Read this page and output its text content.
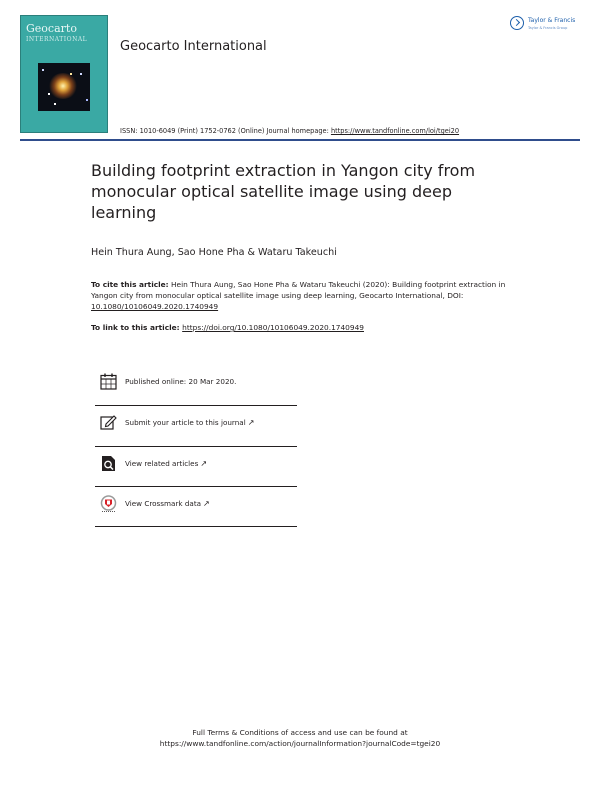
Geocarto
INTERNATIONAL	Geocarto International
ISSN: 1010-6049 (Print) 1752-0762 (Online) Journal homepage: https://www.tandfonline.com/loi/tgei20
Taylor & Francis
Taylor & Francis Group
Building footprint extraction in Yangon city from monocular optical satellite image using deep learning
Hein Thura Aung, Sao Hone Pha & Wataru Takeuchi
To cite this article: Hein Thura Aung, Sao Hone Pha & Wataru Takeuchi (2020): Building footprint extraction in Yangon city from monocular optical satellite image using deep learning, Geocarto International, DOI: 10.1080/10106049.2020.1740949
To link to this article: https://doi.org/10.1080/10106049.2020.1740949
Published online: 20 Mar 2020.
Submit your article to this journal ↗
View related articles ↗
View Crossmark data ↗
Full Terms & Conditions of access and use can be found at
https://www.tandfonline.com/action/journalInformation?journalCode=tgei20
